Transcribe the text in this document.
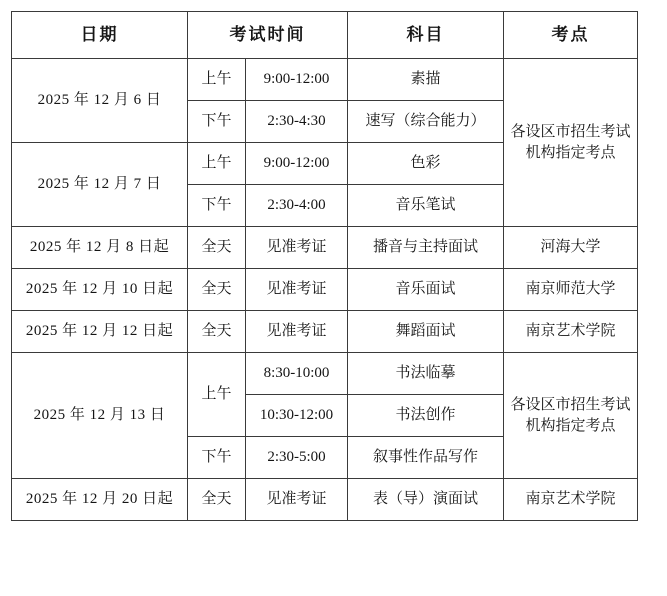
日期	考试时间		科目	考点
2025 年 12 月 6 日	上午	9:00-12:00	素描	各设区市招生考试
机构指定考点
	下午	2:30-4:30	速写（综合能力）	
2025 年 12 月 7 日	上午	9:00-12:00	色彩	
	下午	2:30-4:00	音乐笔试	
2025 年 12 月 8 日起	全天	见准考证	播音与主持面试	河海大学
2025 年 12 月 10 日起	全天	见准考证	音乐面试	南京师范大学
2025 年 12 月 12 日起	全天	见准考证	舞蹈面试	南京艺术学院
2025 年 12 月 13 日	上午	8:30-10:00	书法临摹	各设区市招生考试
机构指定考点
		10:30-12:00	书法创作	
	下午	2:30-5:00	叙事性作品写作	
2025 年 12 月 20 日起	全天	见准考证	表（导）演面试	南京艺术学院
